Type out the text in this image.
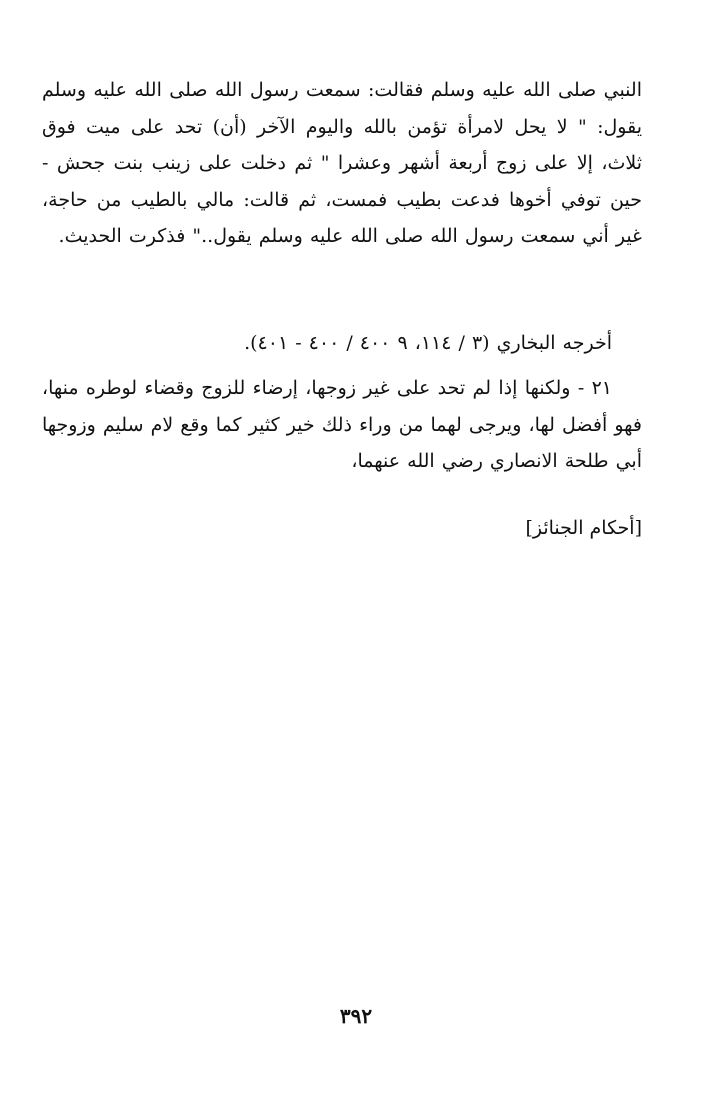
النبي صلى الله عليه وسلم فقالت: سمعت رسول الله صلى الله عليه وسلم يقول: " لا يحل لامرأة تؤمن بالله واليوم الآخر (أن) تحد على ميت فوق ثلاث، إلا على زوج أربعة أشهر وعشرا " ثم دخلت على زينب بنت جحش - حين توفي أخوها فدعت بطيب فمست، ثم قالت: مالي بالطيب من حاجة، غير أني سمعت رسول الله صلى الله عليه وسلم يقول.." فذكرت الحديث.

أخرجه البخاري (٣ / ١١٤، ٩ ٤٠٠ / ٤٠٠ - ٤٠١).

٢١ - ولكنها إذا لم تحد على غير زوجها، إرضاء للزوج وقضاء لوطره منها، فهو أفضل لها، ويرجى لهما من وراء ذلك خير كثير كما وقع لام سليم وزوجها أبي طلحة الانصاري رضي الله عنهما،

[أحكام الجنائز]
٣٩٢
